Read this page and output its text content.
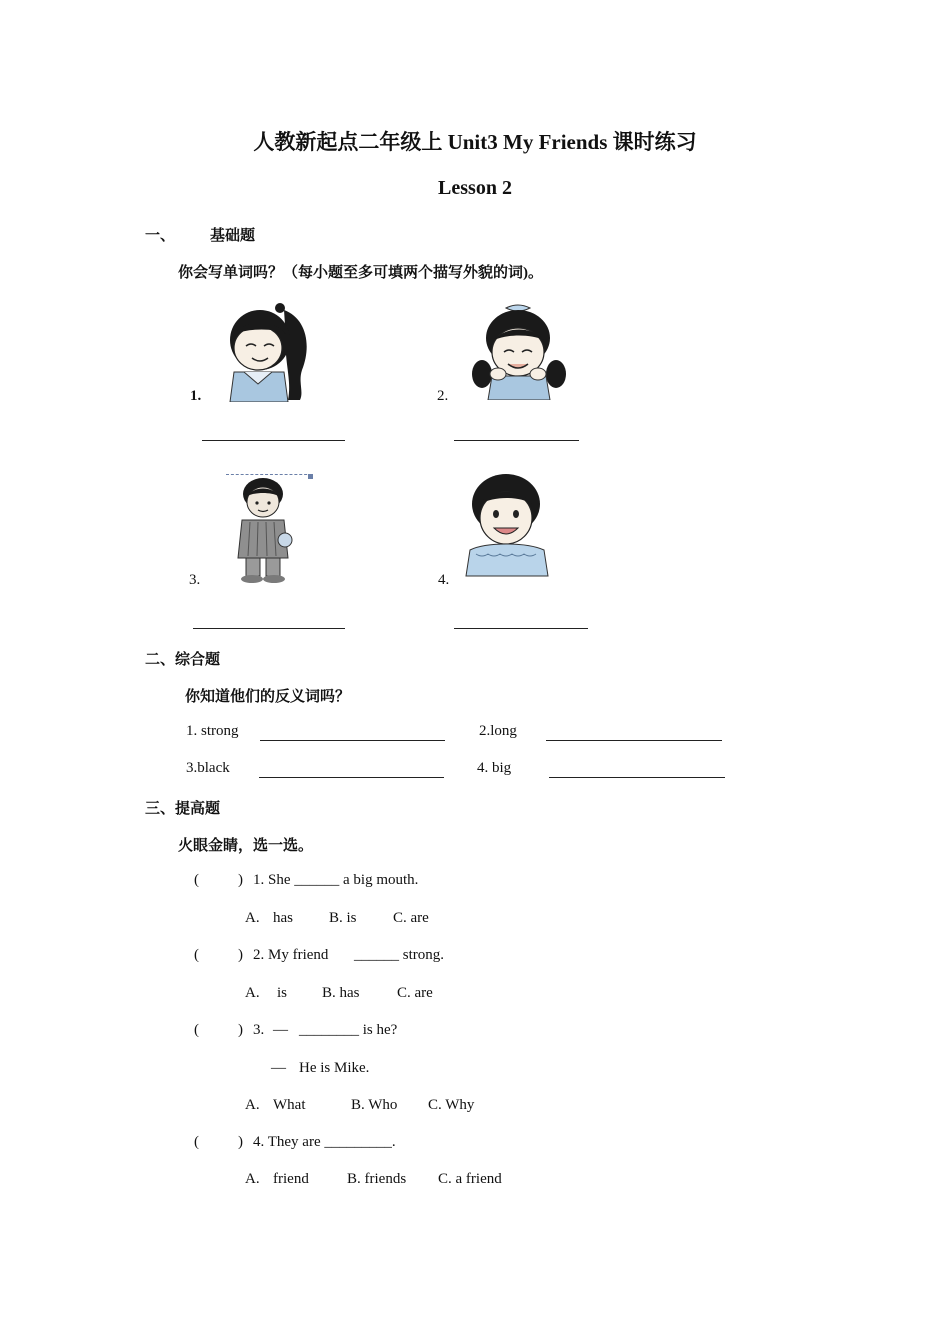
人教新起点二年级上 Unit3 My Friends 课时练习
Lesson 2
一、 基础题
你会写单词吗？（每小题至多可填两个描写外貌的词)。
1.	2.
3.	4.
二、综合题
你知道他们的反义词吗？
1. strong	2.long
3.black	4. big
三、提高题
火眼金睛，选一选。
(	) 1. She ______ a big mouth.
A. has B. is C. are
(	) 2. My friend ______ strong.
A. is B. has	C. are
(	) 3. — ________ is he?
— He is Mike.
A. What	B. Who C. Why
(	) 4. They are _________.
A. friend	B. friends C. a friend
